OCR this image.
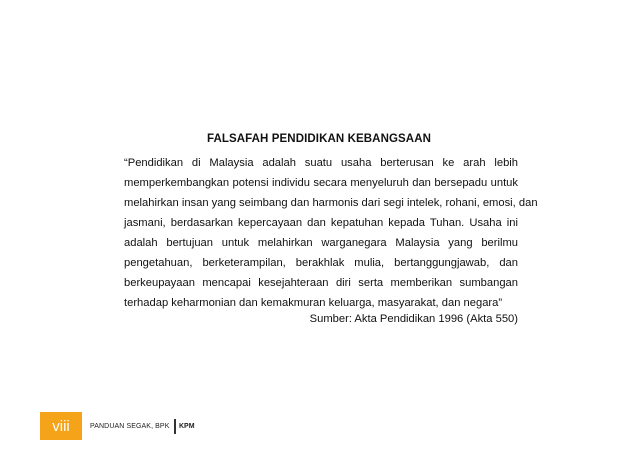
FALSAFAH PENDIDIKAN KEBANGSAAN
“Pendidikan di Malaysia adalah suatu usaha berterusan ke arah lebih
memperkembangkan potensi individu secara menyeluruh dan bersepadu untuk
melahirkan insan yang seimbang dan harmonis dari segi intelek, rohani, emosi, dan
jasmani, berdasarkan kepercayaan dan kepatuhan kepada Tuhan. Usaha ini
adalah bertujuan untuk melahirkan warganegara Malaysia yang berilmu
pengetahuan, berketerampilan, berakhlak mulia, bertanggungjawab, dan
berkeupayaan mencapai kesejahteraan diri serta memberikan sumbangan
terhadap keharmonian dan kemakmuran keluarga, masyarakat, dan negara”
Sumber: Akta Pendidikan 1996 (Akta 550)
viii	PANDUAN SEGAK, BPK KPM
